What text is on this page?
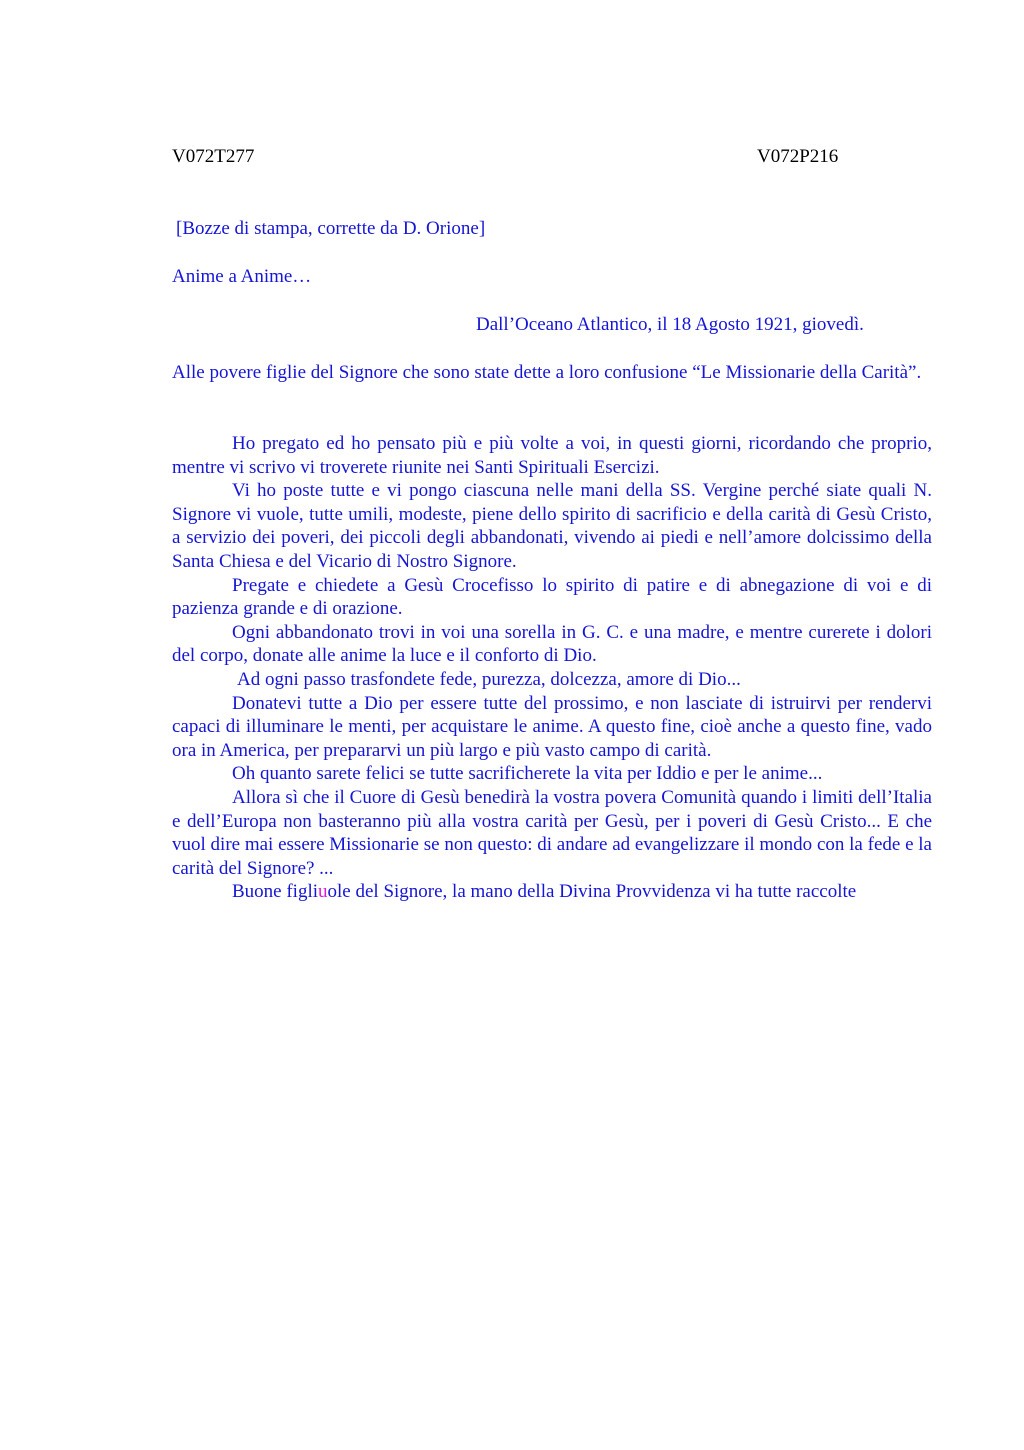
V072T277	V072P216
[Bozze di stampa, corrette da D. Orione]
Anime a Anime…
Dall’Oceano Atlantico, il 18 Agosto 1921, giovedì.
Alle povere figlie del Signore che sono state dette a loro confusione “Le Missionarie della Carità”.

Ho pregato ed ho pensato più e più volte a voi, in questi giorni, ricordando che proprio, mentre vi scrivo vi troverete riunite nei Santi Spirituali Esercizi.

Vi ho poste tutte e vi pongo ciascuna nelle mani della SS. Vergine perché siate quali N. Signore vi vuole, tutte umili, modeste, piene dello spirito di sacrificio e della carità di Gesù Cristo, a servizio dei poveri, dei piccoli degli abbandonati, vivendo ai piedi e nell’amore dolcissimo della Santa Chiesa e del Vicario di Nostro Signore.

Pregate e chiedete a Gesù Crocefisso lo spirito di patire e di abnegazione di voi e di pazienza grande e di orazione.

Ogni abbandonato trovi in voi una sorella in G. C. e una madre, e mentre curerete i dolori del corpo, donate alle anime la luce e il conforto di Dio.

Ad ogni passo trasfondete fede, purezza, dolcezza, amore di Dio...

Donatevi tutte a Dio per essere tutte del prossimo, e non lasciate di istruirvi per rendervi capaci di illuminare le menti, per acquistare le anime. A questo fine, cioè anche a questo fine, vado ora in America, per prepararvi un più largo e più vasto campo di carità.

Oh quanto sarete felici se tutte sacrificherete la vita per Iddio e per le anime...

Allora sì che il Cuore di Gesù benedirà la vostra povera Comunità quando i limiti dell’Italia e dell’Europa non basteranno più alla vostra carità per Gesù, per i poveri di Gesù Cristo... E che vuol dire mai essere Missionarie se non questo: di andare ad evangelizzare il mondo con la fede e la carità del Signore? ...

Buone figliuole del Signore, la mano della Divina Provvidenza vi ha tutte raccolte
